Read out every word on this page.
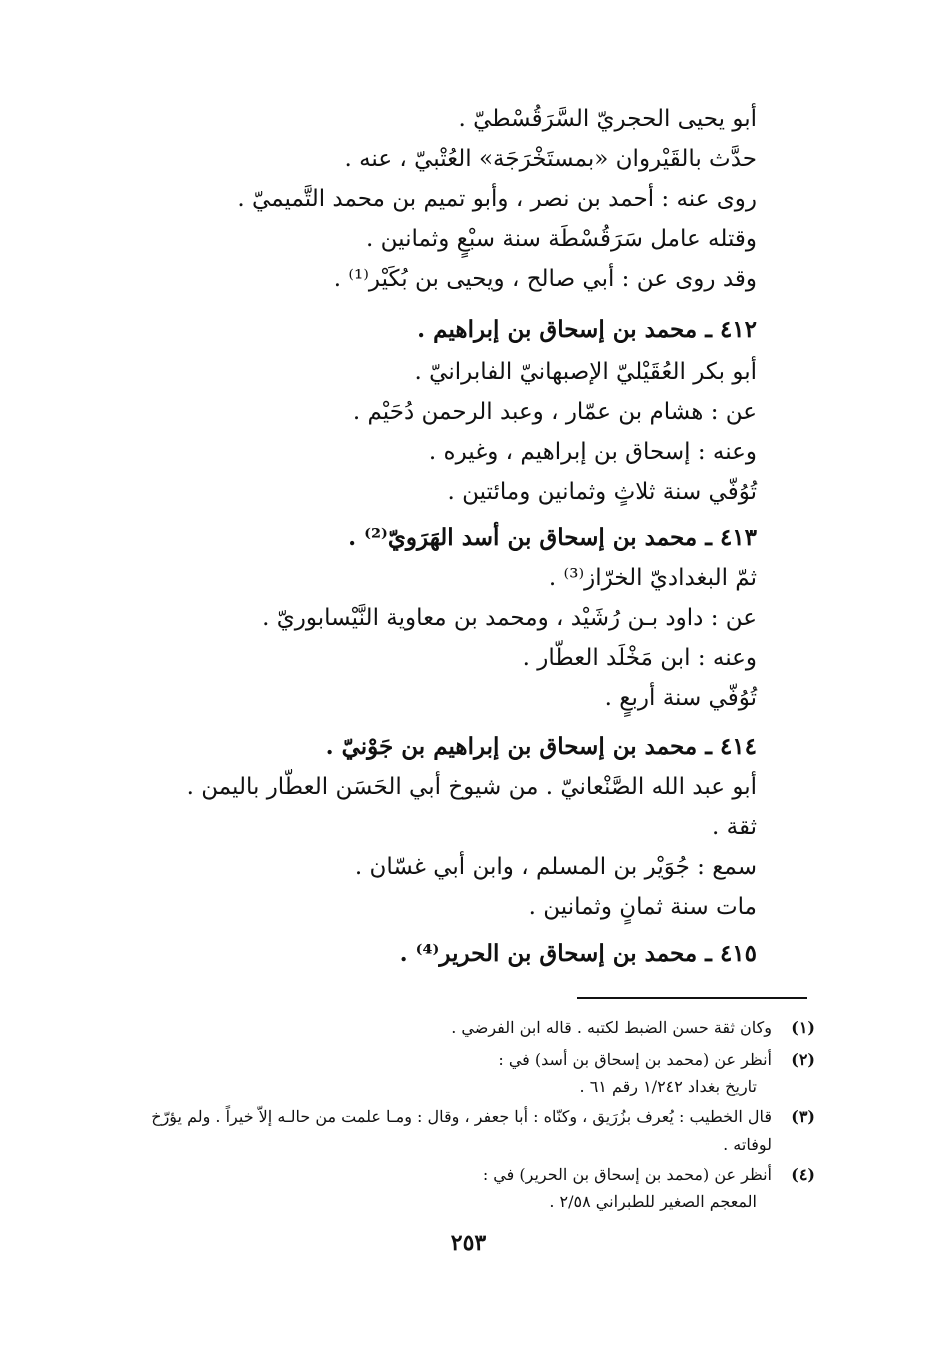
أبو يحيى الحجريّ السَّرَقُسْطيّ .
حدَّث بالقَيْروان «بمستَخْرَجَة» العُتْبيّ ، عنه .
روى عنه : أحمد بن نصر ، وأبو تميم بن محمد التَّميميّ .
وقتله عامل سَرَقُسْطَة سنة سبْعٍ وثمانين .
وقد روى عن : أبي صالح ، ويحيى بن بُكَيْر⁽¹⁾ .
٤١٢ ـ محمد بن إسحاق بن إبراهيم .
أبو بكر العُقَيْليّ الإصبهانيّ الفابرانيّ .
عن : هشام بن عمّار ، وعبد الرحمن دُحَيْم .
وعنه : إسحاق بن إبراهيم ، وغيره .
تُوُفّي سنة ثلاثٍ وثمانين ومائتين .
٤١٣ ـ محمد بن إسحاق بن أسد الهَرَويّ⁽²⁾ .
ثمّ البغداديّ الخرّاز⁽³⁾ .
عن : داود بـن رُشَيْد ، ومحمد بن معاوية النَّيْسابوريّ .
وعنه : ابن مَخْلَد العطّار .
تُوُفّي سنة أربعٍ .
٤١٤ ـ محمد بن إسحاق بن إبراهيم بن جَوْنيّ .
أبو عبد الله الصَّنْعانيّ . من شيوخ أبي الحَسَن العطّار باليمن .
ثقة .
سمع : جُوَيْر بن المسلم ، وابن أبي غسّان .
مات سنة ثمانٍ وثمانين .
٤١٥ ـ محمد بن إسحاق بن الحرير⁽⁴⁾ .
(١)
وكان ثقة حسن الضبط لكتبه . قاله ابن الفرضي .
(٢)
أنظر عن (محمد بن إسحاق بن أسد) في :
تاريخ بغداد ١/٢٤٢ رقم ٦١ .
(٣)
قال الخطيب : يُعرف بزُرَيق ، وكنّاه : أبا جعفر ، وقال : ومـا علمت من حالـه إلاّ خيراً . ولم يؤرّخ
لوفاته .
(٤)
أنظر عن (محمد بن إسحاق بن الحرير) في :
المعجم الصغير للطبراني ٢/٥٨ .
٢٥٣
